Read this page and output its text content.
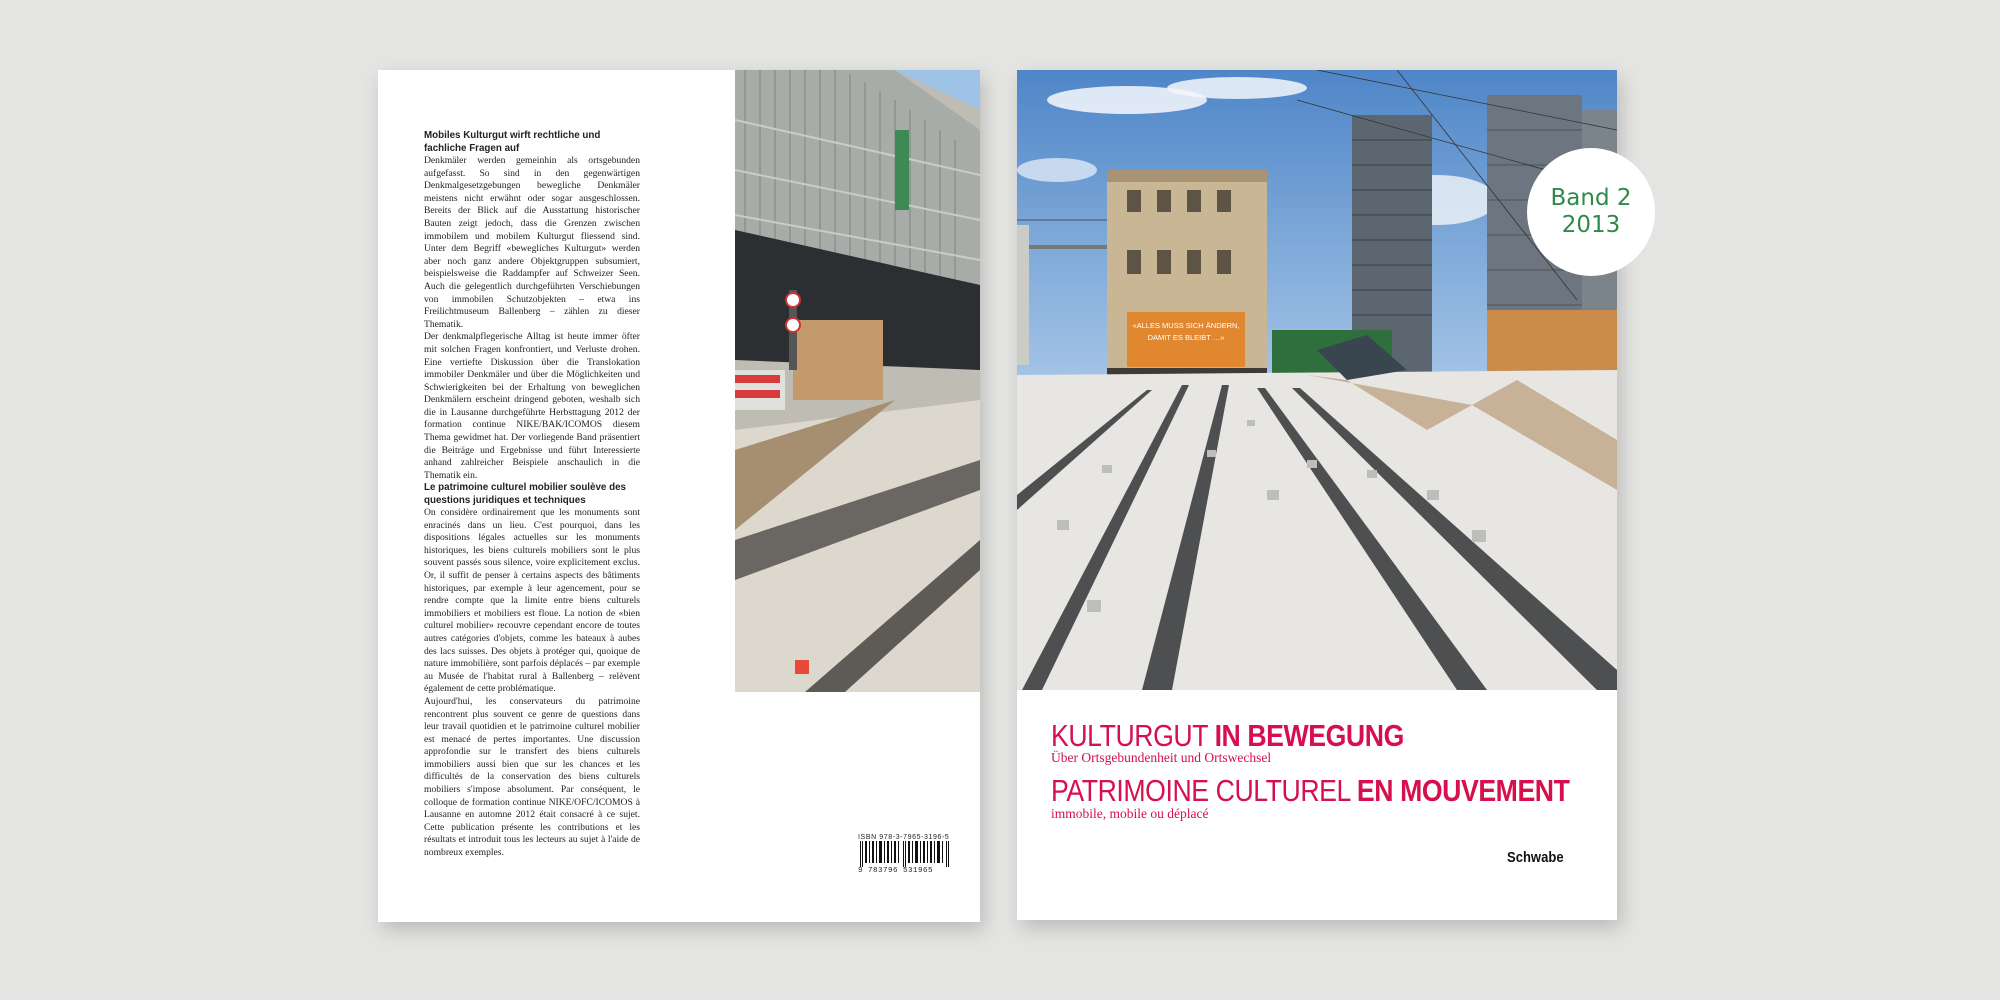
Mobiles Kulturgut wirft rechtliche und fachliche Fragen auf

Denkmäler werden gemeinhin als ortsgebunden aufgefasst. So sind in den gegenwärtigen Denkmalgesetzgebungen bewegliche Denkmäler meistens nicht erwähnt oder sogar ausgeschlossen. Bereits der Blick auf die Ausstattung historischer Bauten zeigt jedoch, dass die Grenzen zwischen immobilem und mobilem Kulturgut fliessend sind. Unter dem Begriff «bewegliches Kulturgut» werden aber noch ganz andere Objektgruppen subsumiert, beispielsweise die Raddampfer auf Schweizer Seen. Auch die gelegentlich durchgeführten Verschiebungen von immobilen Schutzobjekten – etwa ins Freilichtmuseum Ballenberg – zählen zu dieser Thematik.

Der denkmalpflegerische Alltag ist heute immer öfter mit solchen Fragen konfrontiert, und Verluste drohen. Eine vertiefte Diskussion über die Translokation immobiler Denkmäler und über die Möglichkeiten und Schwierigkeiten bei der Erhaltung von beweglichen Denkmälern erscheint dringend geboten, weshalb sich die in Lausanne durchgeführte Herbsttagung 2012 der formation continue NIKE/BAK/ICOMOS diesem Thema gewidmet hat. Der vorliegende Band präsentiert die Beiträge und Ergebnisse und führt Interessierte anhand zahlreicher Beispiele anschaulich in die Thematik ein.

Le patrimoine culturel mobilier soulève des questions juridiques et techniques

On considère ordinairement que les monuments sont enracinés dans un lieu. C'est pourquoi, dans les dispositions légales actuelles sur les monuments historiques, les biens culturels mobiliers sont le plus souvent passés sous silence, voire explicitement exclus. Or, il suffit de penser à certains aspects des bâtiments historiques, par exemple à leur agencement, pour se rendre compte que la limite entre biens culturels immobiliers et mobiliers est floue. La notion de «bien culturel mobilier» recouvre cependant encore de toutes autres catégories d'objets, comme les bateaux à aubes des lacs suisses. Des objets à protéger qui, quoique de nature immobilière, sont parfois déplacés – par exemple au Musée de l'habitat rural à Ballenberg – relèvent également de cette problématique.

Aujourd'hui, les conservateurs du patrimoine rencontrent plus souvent ce genre de questions dans leur travail quotidien et le patrimoine culturel mobilier est menacé de pertes importantes. Une discussion approfondie sur le transfert des biens culturels immobiliers aussi bien que sur les chances et les difficultés de la conservation des biens culturels mobiliers s'impose absolument. Par conséquent, le colloque de formation continue NIKE/OFC/ICOMOS à Lausanne en automne 2012 était consacré à ce sujet. Cette publication présente les contributions et les résultats et introduit tous les lecteurs au sujet à l'aide de nombreux exemples.

ISBN 978-3-7965-3196-5
9 783796 531965
«ALLES MUSS SICH ÄNDERN,
DAMIT ES BLEIBT …»
Band 2
2013
KULTURGUT IN BEWEGUNG
Über Ortsgebundenheit und Ortswechsel
PATRIMOINE CULTUREL EN MOUVEMENT
immobile, mobile ou déplacé
Schwabe
